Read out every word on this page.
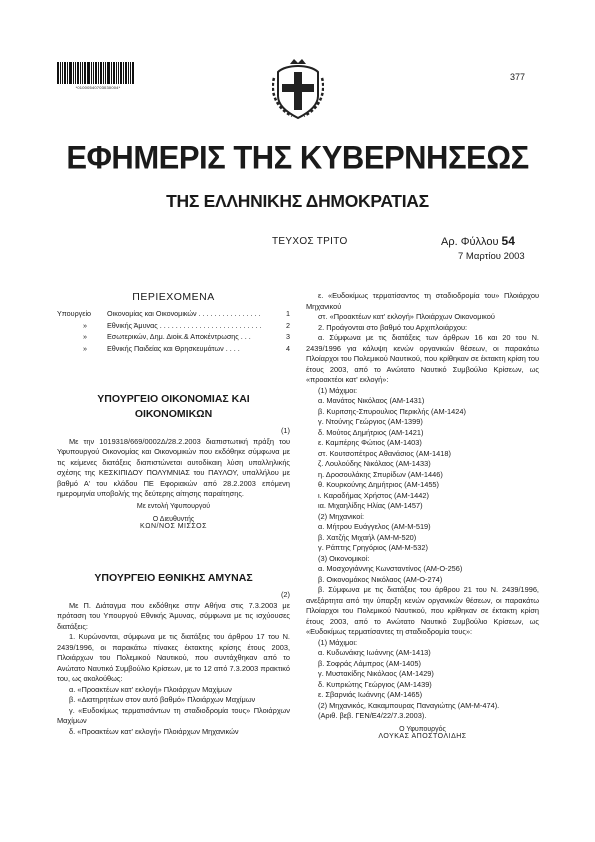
*01000540703030004*
377
ΕΦΗΜΕΡΙΣ ΤΗΣ ΚΥΒΕΡΝΗΣΕΩΣ
ΤΗΣ ΕΛΛΗΝΙΚΗΣ ΔΗΜΟΚΡΑΤΙΑΣ
ΤΕΥΧΟΣ ΤΡΙΤΟ	Αρ. Φύλλου 54
7 Μαρτίου 2003
ΠΕΡΙΕΧΟΜΕΝΑ
Υπουργείο	Οικονομίας και Οικονομικών . . . . . . . . . . . . . . . .	1
»	Εθνικής Άμυνας . . . . . . . . . . . . . . . . . . . . . . . . . .	2
»	Εσωτερικών, Δημ. Διοίκ.& Αποκέντρωσης . . .	3
»	Εθνικής Παιδείας και Θρησκευμάτων . . . .	4
ΥΠΟΥΡΓΕΙΟ ΟΙΚΟΝΟΜΙΑΣ ΚΑΙ
ΟΙΚΟΝΟΜΙΚΩΝ
(1)
Με την 1019318/669/0002Δ/28.2.2003 διαπιστωτική πράξη του Υφυπουργού Οικονομίας και Οικονομικών που εκδόθηκε σύμφωνα με τις κείμενες διατάξεις διαπιστώνεται αυτοδίκαιη λύση υπαλληλικής σχέσης της ΚΕΣΚΙΠΙΔΟΥ ΠΟΛΥΜΝΙΑΣ του ΠΑΥΛΟΥ, υπαλλήλου με βαθμό Α' του κλάδου ΠΕ Εφοριακών από 28.2.2003 επόμενη ημερομηνία υποβολής της δεύτερης αίτησης παραίτησης.
Με εντολή Υφυπουργού
Ο Διευθυντής
ΚΩΝ/ΝΟΣ ΜΙΣΣΟΣ
ΥΠΟΥΡΓΕΙΟ ΕΘΝΙΚΗΣ ΑΜΥΝΑΣ
(2)
Με Π. Διάταγμα που εκδόθηκε στην Αθήνα στις 7.3.2003 με πρόταση του Υπουργού Εθνικής Άμυνας, σύμφωνα με τις ισχύουσες διατάξεις:
1. Κυρώνονται, σύμφωνα με τις διατάξεις του άρθρου 17 του Ν. 2439/1996, οι παρακάτω πίνακες έκτακτης κρίσης έτους 2003, Πλοιάρχων του Πολεμικού Ναυτικού, που συντάχθηκαν από το Ανώτατο Ναυτικό Συμβούλιο Κρίσεων, με το 12 από 7.3.2003 πρακτικό του, ως ακολούθως:
α. «Προακτέων κατ' εκλογή» Πλοιάρχων Μαχίμων
β. «Διατηρητέων στον αυτό βαθμό» Πλοιάρχων Μαχίμων
γ. «Ευδοκίμως τερματισάντων τη σταδιοδρομία τους» Πλοιάρχων Μαχίμων
δ. «Προακτέων κατ' εκλογή» Πλοιάρχων Μηχανικών
ε. «Ευδοκίμως τερματίσαντος τη σταδιοδρομία του» Πλοιάρχου Μηχανικού
στ. «Προακτέων κατ' εκλογή» Πλοιάρχων Οικονομικού
2. Προάγονται στο βαθμό του Αρχιπλοιάρχου:
α. Σύμφωνα με τις διατάξεις των άρθρων 16 και 20 του Ν. 2439/1996 για κάλυψη κενών οργανικών θέσεων, οι παρακάτω Πλοίαρχοι του Πολεμικού Ναυτικού, που κρίθηκαν σε έκτακτη κρίση του έτους 2003, από το Ανώτατο Ναυτικό Συμβούλιο Κρίσεων, ως «προακτέοι κατ' εκλογή»:
(1) Μάχιμοι:
α. Μανάτος Νικόλαος (ΑΜ-1431)
β. Κυριτσης-Σπυρουλιος Περικλής (ΑΜ-1424)
γ. Ντούνης Γεώργιος (ΑΜ-1399)
δ. Μούτος Δημήτριος (ΑΜ-1421)
ε. Καμπέρης Φώτιος (ΑΜ-1403)
στ. Κουτσοπέτρος Αθανάσιος (ΑΜ-1418)
ζ. Λουλούδης Νικόλαος (ΑΜ-1433)
η. Δροσουλάκης Σπυρίδων (ΑΜ-1446)
θ. Κουρκούνης Δημήτριος (ΑΜ-1455)
ι. Καραδήμας Χρήστος (ΑΜ-1442)
ια. Μιχαηλίδης Ηλίας (ΑΜ-1457)
(2) Μηχανικοί:
α. Μήτρου Ευάγγελος (ΑΜ-Μ-519)
β. Χατζής Μιχαήλ (ΑΜ-Μ-520)
γ. Ράπτης Γρηγόριος (ΑΜ-Μ-532)
(3) Οικονομικοί:
α. Μοσχογιάννης Κωνσταντίνος (ΑΜ-Ο-256)
β. Οικονομάκος Νικόλαος (ΑΜ-Ο-274)
β. Σύμφωνα με τις διατάξεις του άρθρου 21 του Ν. 2439/1996, ανεξάρτητα από την ύπαρξη κενών οργανικών θέσεων, οι παρακάτω Πλοίαρχοι του Πολεμικού Ναυτικού, που κρίθηκαν σε έκτακτη κρίση έτους 2003, από το Ανώτατο Ναυτικό Συμβούλιο Κρίσεων, ως «Ευδοκίμως τερματίσαντες τη σταδιοδρομία τους»:
(1) Μάχιμοι:
α. Κυδωνάκης Ιωάννης (ΑΜ-1413)
β. Σοφράς Λάμπρος (ΑΜ-1405)
γ. Μυστακίδης Νικόλαος (ΑΜ-1429)
δ. Κυπριώτης Γεώργιος (ΑΜ-1439)
ε. Σβαρνιάς Ιωάννης (ΑΜ-1465)
(2) Μηχανικός, Κακαμπουρας Παναγιώτης (ΑΜ-Μ-474).
(Αριθ. βεβ. ΓΕΝ/Ε4/22/7.3.2003).
Ο Υφυπουργός
ΛΟΥΚΑΣ ΑΠΟΣΤΟΛΙΔΗΣ
